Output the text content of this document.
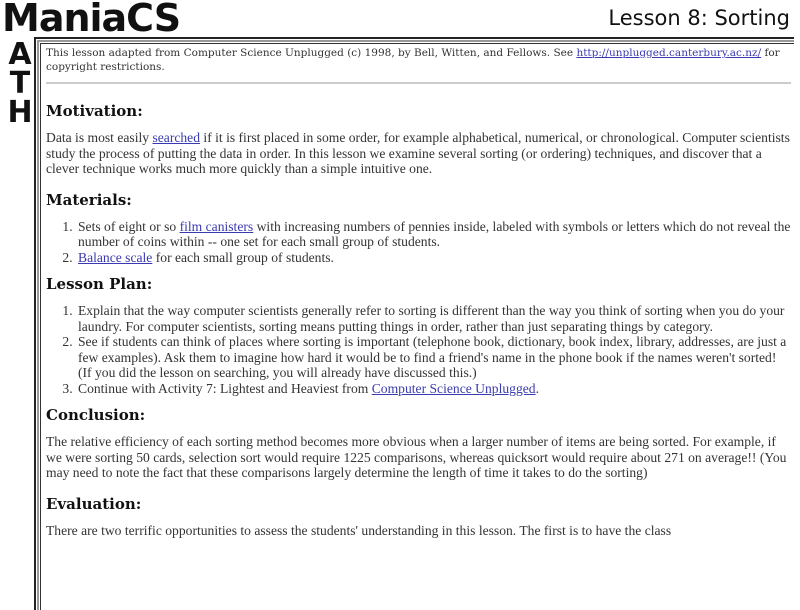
ManiaCS
A
T
H
Lesson 8: Sorting

This lesson adapted from Computer Science Unplugged (c) 1998, by Bell, Witten, and Fellows. See http://unplugged.canterbury.ac.nz/ for copyright restrictions.

Motivation:

Data is most easily searched if it is first placed in some order, for example alphabetical, numerical, or chronological. Computer scientists study the process of putting the data in order. In this lesson we examine several sorting (or ordering) techniques, and discover that a clever technique works much more quickly than a simple intuitive one.

Materials:
1. Sets of eight or so film canisters with increasing numbers of pennies inside, labeled with symbols or letters which do not reveal the number of coins within -- one set for each small group of students.
2. Balance scale for each small group of students.
Lesson Plan:
1. Explain that the way computer scientists generally refer to sorting is different than the way you think of sorting when you do your laundry. For computer scientists, sorting means putting things in order, rather than just separating things by category.
2. See if students can think of places where sorting is important (telephone book, dictionary, book index, library, addresses, are just a few examples). Ask them to imagine how hard it would be to find a friend's name in the phone book if the names weren't sorted! (If you did the lesson on searching, you will already have discussed this.)
3. Continue with Activity 7: Lightest and Heaviest from Computer Science Unplugged.
Conclusion:

The relative efficiency of each sorting method becomes more obvious when a larger number of items are being sorted. For example, if we were sorting 50 cards, selection sort would require 1225 comparisons, whereas quicksort would require about 271 on average!! (You may need to note the fact that these comparisons largely determine the length of time it takes to do the sorting)

Evaluation:

There are two terrific opportunities to assess the students' understanding in this lesson. The first is to have the class
